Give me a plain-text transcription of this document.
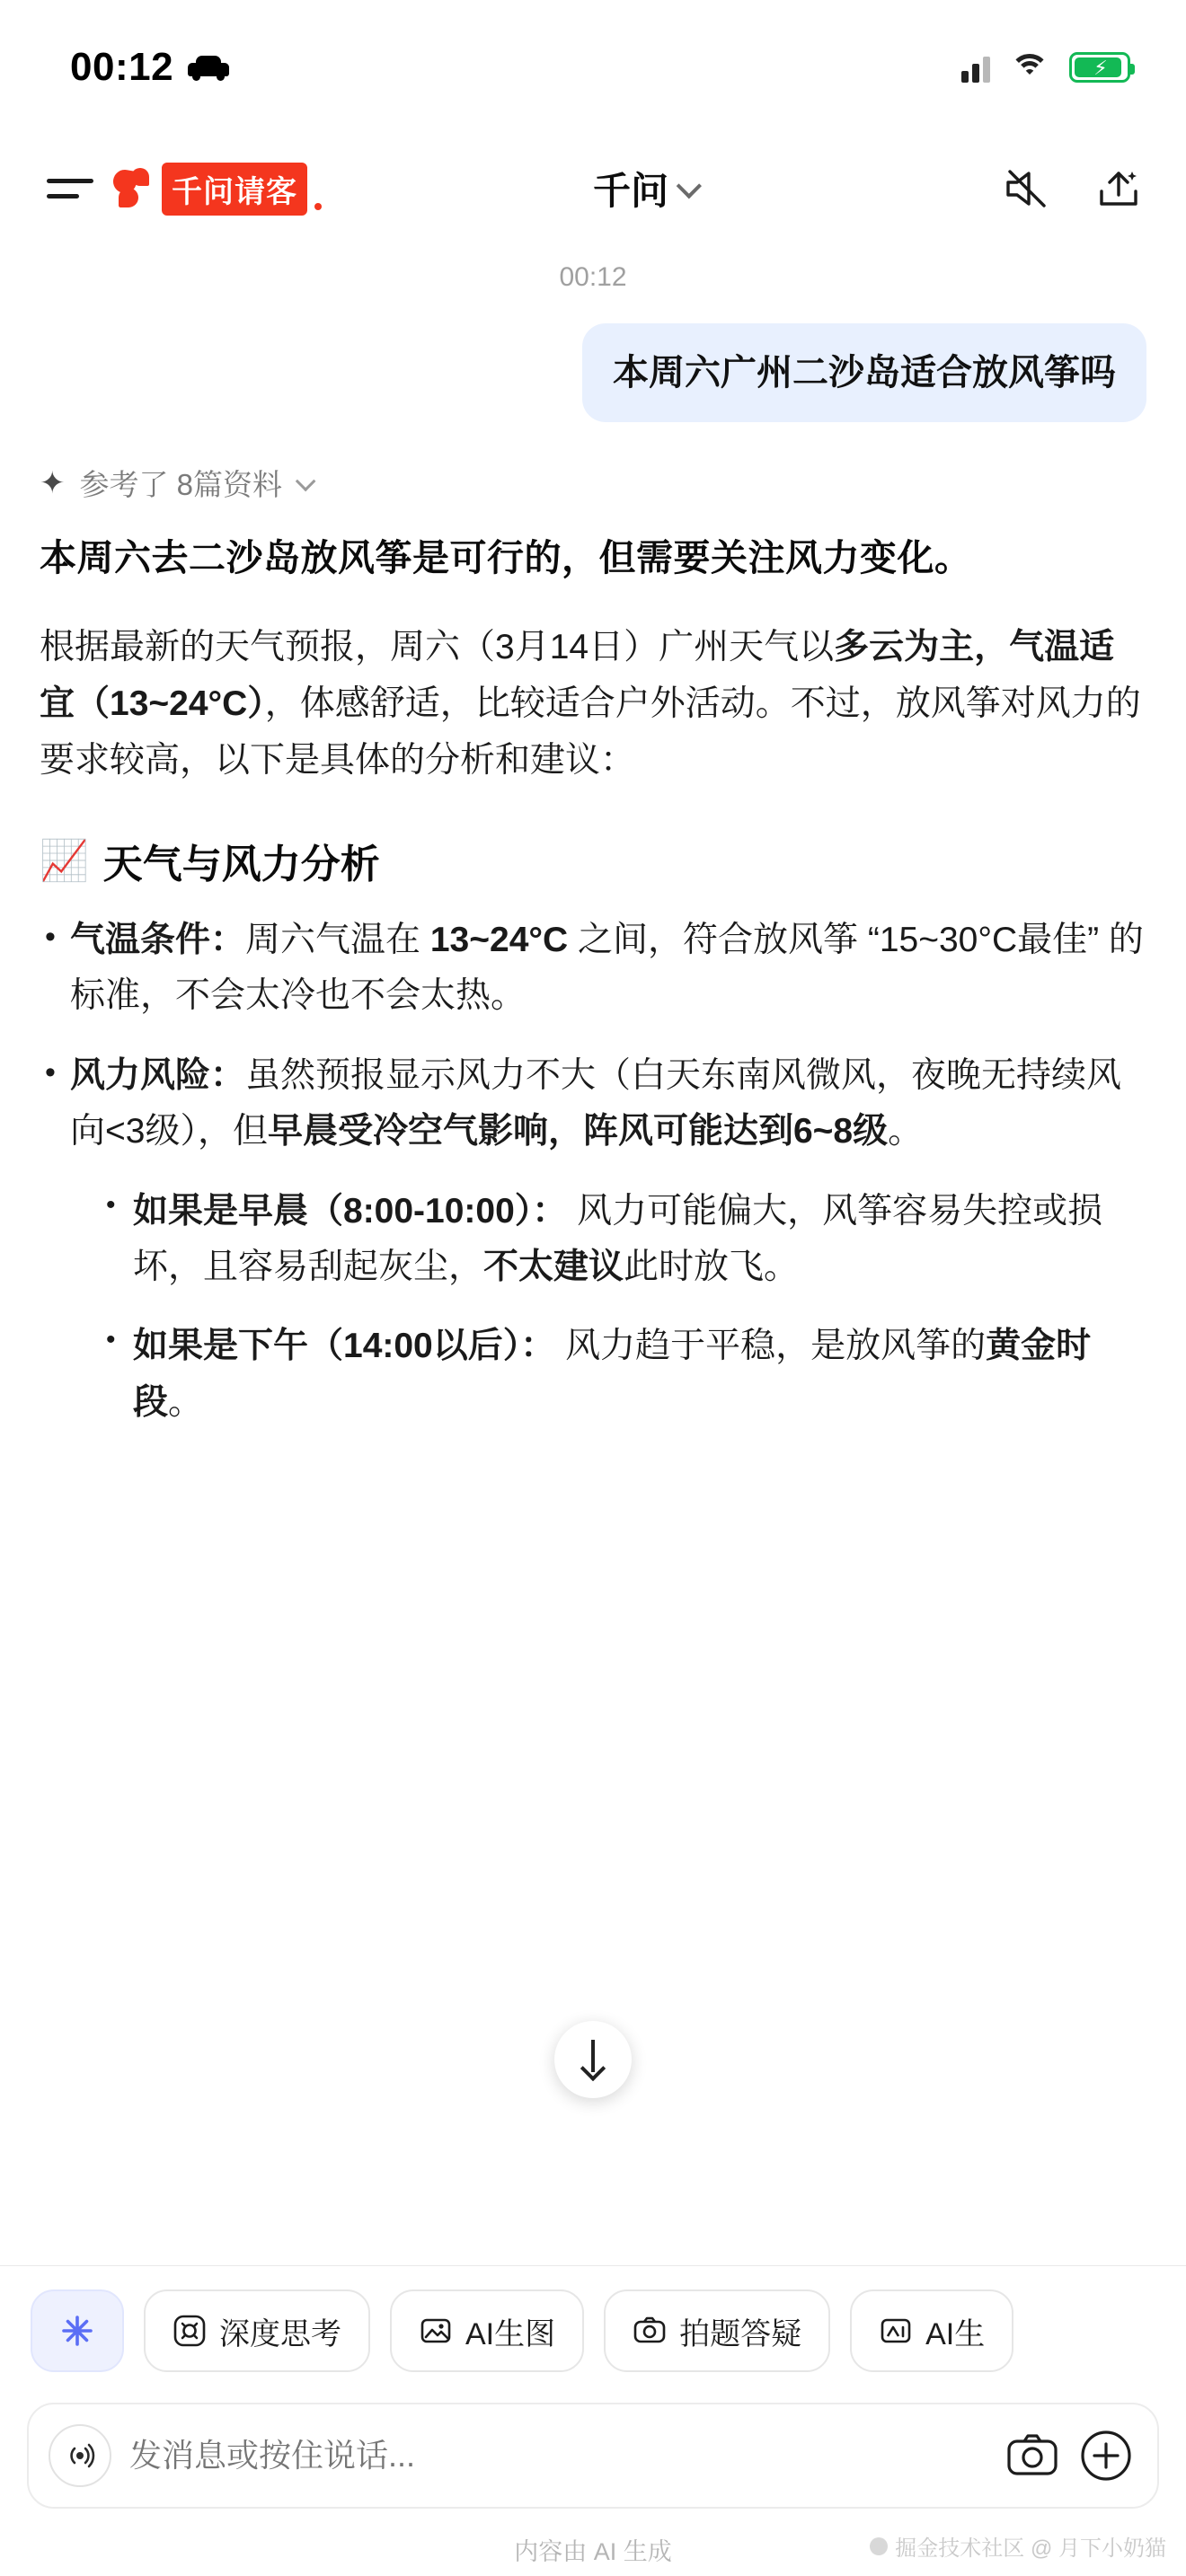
00:12	⚡
千问请客	千问
00:12
本周六广州二沙岛适合放风筝吗
✦ 参考了 8篇资料
本周六去二沙岛放风筝是可行的，但需要关注风力变化。
根据最新的天气预报，周六（3月14日）广州天气以多云为主，气温适宜（13~24°C），体感舒适，比较适合户外活动。不过，放风筝对风力的要求较高，以下是具体的分析和建议：
📈 天气与风力分析
• 气温条件：周六气温在 13~24°C 之间，符合放风筝 “15~30°C最佳” 的标准，不会太冷也不会太热。
• 风力风险：虽然预报显示风力不大（白天东南风微风，夜晚无持续风向<3级），但早晨受冷空气影响，阵风可能达到6~8级。
• 如果是早晨（8:00-10:00）： 风力可能偏大，风筝容易失控或损坏，且容易刮起灰尘，不太建议此时放飞。
• 如果是下午（14:00以后）： 风力趋于平稳，是放风筝的黄金时段。
深度思考	AI生图	拍题答疑	AI生
发消息或按住说话...
内容由 AI 生成	掘金技术社区 @ 月下小奶猫
